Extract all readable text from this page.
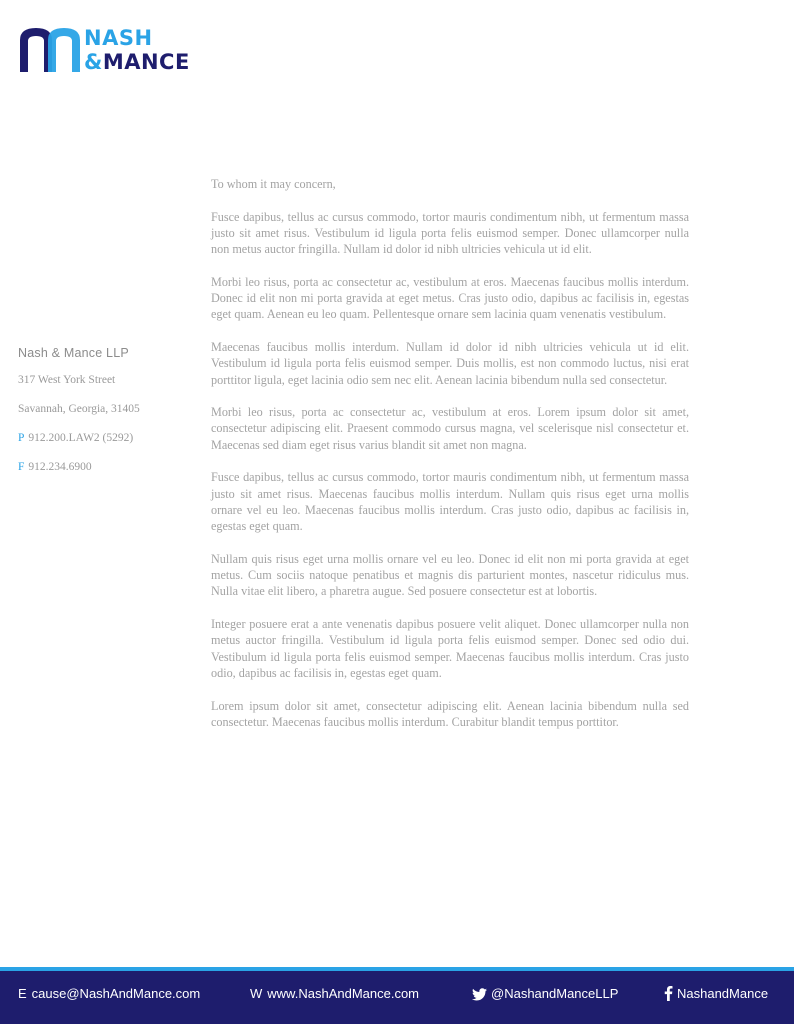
NASH
&MANCE
Nash & Mance LLP
317 West York Street
Savannah, Georgia, 31405
P 912.200.LAW2 (5292)
F 912.234.6900

To whom it may concern,

Fusce dapibus, tellus ac cursus commodo, tortor mauris condimentum nibh, ut fermentum massa justo sit amet risus. Vestibulum id ligula porta felis euismod semper. Donec ullamcorper nulla non metus auctor fringilla. Nullam id dolor id nibh ultricies vehicula ut id elit.

Morbi leo risus, porta ac consectetur ac, vestibulum at eros. Maecenas faucibus mollis interdum. Donec id elit non mi porta gravida at eget metus. Cras justo odio, dapibus ac facilisis in, egestas eget quam. Aenean eu leo quam. Pellentesque ornare sem lacinia quam venenatis vestibulum.

Maecenas faucibus mollis interdum. Nullam id dolor id nibh ultricies vehicula ut id elit. Vestibulum id ligula porta felis euismod semper. Duis mollis, est non commodo luctus, nisi erat porttitor ligula, eget lacinia odio sem nec elit. Aenean lacinia bibendum nulla sed consectetur.

Morbi leo risus, porta ac consectetur ac, vestibulum at eros. Lorem ipsum dolor sit amet, consectetur adipiscing elit. Praesent commodo cursus magna, vel scelerisque nisl consectetur et. Maecenas sed diam eget risus varius blandit sit amet non magna.

Fusce dapibus, tellus ac cursus commodo, tortor mauris condimentum nibh, ut fermentum massa justo sit amet risus. Maecenas faucibus mollis interdum. Nullam quis risus eget urna mollis ornare vel eu leo. Maecenas faucibus mollis interdum. Cras justo odio, dapibus ac facilisis in, egestas eget quam.

Nullam quis risus eget urna mollis ornare vel eu leo. Donec id elit non mi porta gravida at eget metus. Cum sociis natoque penatibus et magnis dis parturient montes, nascetur ridiculus mus. Nulla vitae elit libero, a pharetra augue. Sed posuere consectetur est at lobortis.

Integer posuere erat a ante venenatis dapibus posuere velit aliquet. Donec ullamcorper nulla non metus auctor fringilla. Vestibulum id ligula porta felis euismod semper. Donec sed odio dui. Vestibulum id ligula porta felis euismod semper. Maecenas faucibus mollis interdum. Cras justo odio, dapibus ac facilisis in, egestas eget quam.

Lorem ipsum dolor sit amet, consectetur adipiscing elit. Aenean lacinia bibendum nulla sed consectetur. Maecenas faucibus mollis interdum. Curabitur blandit tempus porttitor.

E cause@NashAndMance.com	W www.NashAndMance.com	@NashandManceLLP	NashandMance
